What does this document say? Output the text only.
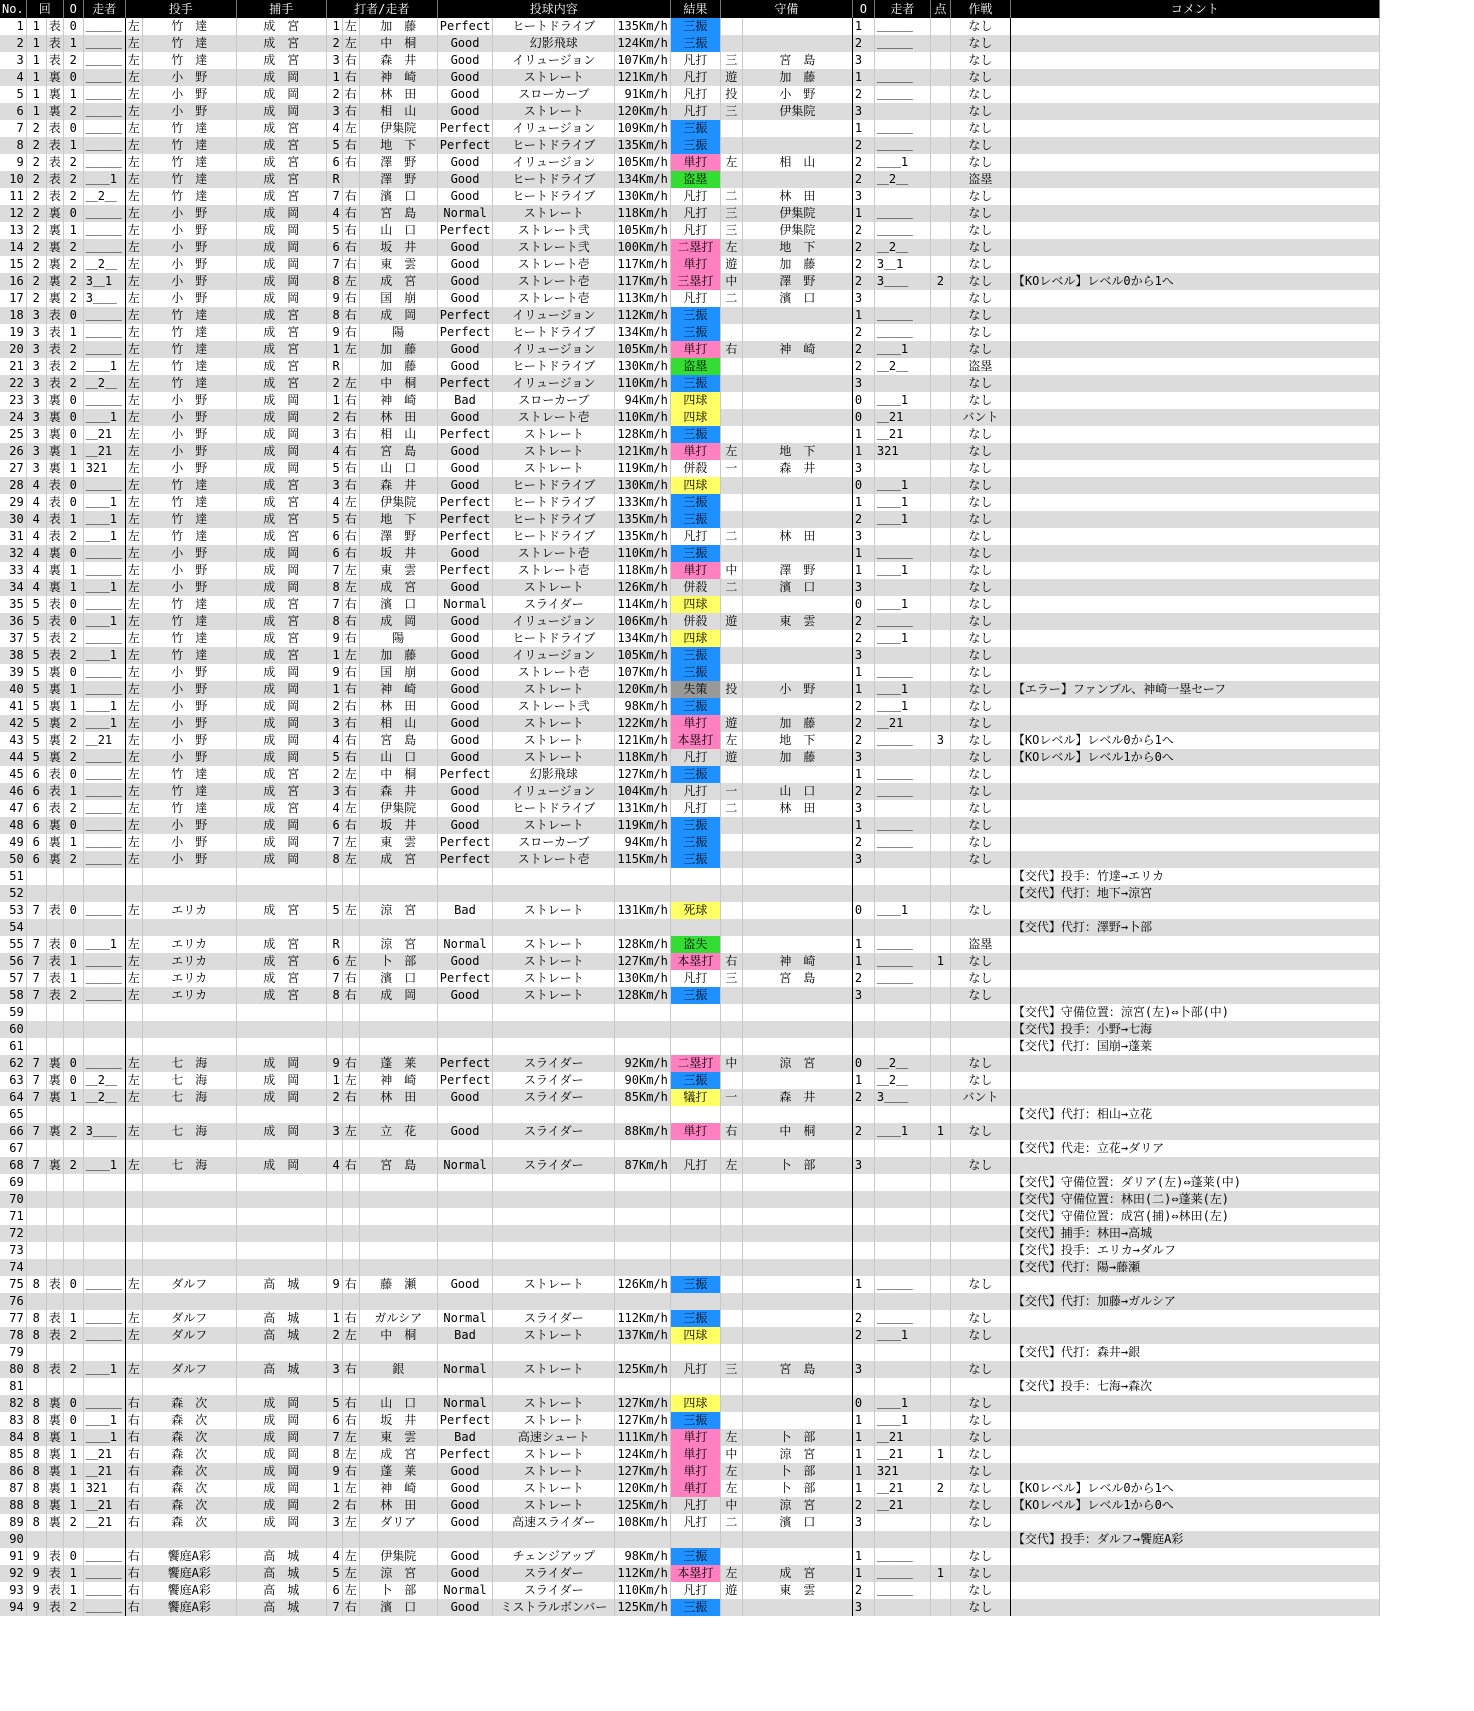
No.	回		O	走者	投手		捕手	打者/走者			投球内容			結果	守備		O	走者	点	作戦	コメント
1	1	表	0	＿＿＿	左	竹　達	成　宮	1	左	加　藤	Perfect	ヒートドライブ	135Km/h	三振			1	＿＿＿		なし	
2	1	表	1	＿＿＿	左	竹　達	成　宮	2	左	中　桐	Good	幻影飛球	124Km/h	三振			2	＿＿＿		なし	
3	1	表	2	＿＿＿	左	竹　達	成　宮	3	右	森　井	Good	イリュージョン	107Km/h	凡打	三	宮　島	3			なし	
4	1	裏	0	＿＿＿	左	小　野	成　岡	1	右	神　崎	Good	ストレート	121Km/h	凡打	遊	加　藤	1	＿＿＿		なし	
5	1	裏	1	＿＿＿	左	小　野	成　岡	2	右	林　田	Good	スローカーブ	91Km/h	凡打	投	小　野	2	＿＿＿		なし	
6	1	裏	2	＿＿＿	左	小　野	成　岡	3	右	相　山	Good	ストレート	120Km/h	凡打	三	伊集院	3			なし	
7	2	表	0	＿＿＿	左	竹　達	成　宮	4	左	伊集院	Perfect	イリュージョン	109Km/h	三振			1	＿＿＿		なし	
8	2	表	1	＿＿＿	左	竹　達	成　宮	5	右	地　下	Perfect	ヒートドライブ	135Km/h	三振			2	＿＿＿		なし	
9	2	表	2	＿＿＿	左	竹　達	成　宮	6	右	澤　野	Good	イリュージョン	105Km/h	単打	左	相　山	2	＿＿1		なし	
10	2	表	2	＿＿1	左	竹　達	成　宮	R		澤　野	Good	ヒートドライブ	134Km/h	盗塁			2	＿2＿		盗塁	
11	2	表	2	＿2＿	左	竹　達	成　宮	7	右	濱　口	Good	ヒートドライブ	130Km/h	凡打	二	林　田	3			なし	
12	2	裏	0	＿＿＿	左	小　野	成　岡	4	右	宮　島	Normal	ストレート	118Km/h	凡打	三	伊集院	1	＿＿＿		なし	
13	2	裏	1	＿＿＿	左	小　野	成　岡	5	右	山　口	Perfect	ストレート弐	105Km/h	凡打	三	伊集院	2	＿＿＿		なし	
14	2	裏	2	＿＿＿	左	小　野	成　岡	6	右	坂　井	Good	ストレート弐	100Km/h	二塁打	左	地　下	2	＿2＿		なし	
15	2	裏	2	＿2＿	左	小　野	成　岡	7	右	東　雲	Good	ストレート壱	117Km/h	単打	遊	加　藤	2	3＿1		なし	
16	2	裏	2	3＿1	左	小　野	成　岡	8	左	成　宮	Good	ストレート壱	117Km/h	三塁打	中	澤　野	2	3＿＿	2	なし	【KOレベル】レベル0から1へ
17	2	裏	2	3＿＿	左	小　野	成　岡	9	右	国　崩	Good	ストレート壱	113Km/h	凡打	二	濱　口	3			なし	
18	3	表	0	＿＿＿	左	竹　達	成　宮	8	右	成　岡	Perfect	イリュージョン	112Km/h	三振			1	＿＿＿		なし	
19	3	表	1	＿＿＿	左	竹　達	成　宮	9	右	陽	Perfect	ヒートドライブ	134Km/h	三振			2	＿＿＿		なし	
20	3	表	2	＿＿＿	左	竹　達	成　宮	1	左	加　藤	Good	イリュージョン	105Km/h	単打	右	神　崎	2	＿＿1		なし	
21	3	表	2	＿＿1	左	竹　達	成　宮	R		加　藤	Good	ヒートドライブ	130Km/h	盗塁			2	＿2＿		盗塁	
22	3	表	2	＿2＿	左	竹　達	成　宮	2	左	中　桐	Perfect	イリュージョン	110Km/h	三振			3			なし	
23	3	裏	0	＿＿＿	左	小　野	成　岡	1	右	神　崎	Bad	スローカーブ	94Km/h	四球			0	＿＿1		なし	
24	3	裏	0	＿＿1	左	小　野	成　岡	2	右	林　田	Good	ストレート壱	110Km/h	四球			0	＿21		バント	
25	3	裏	0	＿21	左	小　野	成　岡	3	右	相　山	Perfect	ストレート	128Km/h	三振			1	＿21		なし	
26	3	裏	1	＿21	左	小　野	成　岡	4	右	宮　島	Good	ストレート	121Km/h	単打	左	地　下	1	321		なし	
27	3	裏	1	321	左	小　野	成　岡	5	右	山　口	Good	ストレート	119Km/h	併殺	一	森　井	3			なし	
28	4	表	0	＿＿＿	左	竹　達	成　宮	3	右	森　井	Good	ヒートドライブ	130Km/h	四球			0	＿＿1		なし	
29	4	表	0	＿＿1	左	竹　達	成　宮	4	左	伊集院	Perfect	ヒートドライブ	133Km/h	三振			1	＿＿1		なし	
30	4	表	1	＿＿1	左	竹　達	成　宮	5	右	地　下	Perfect	ヒートドライブ	135Km/h	三振			2	＿＿1		なし	
31	4	表	2	＿＿1	左	竹　達	成　宮	6	右	澤　野	Perfect	ヒートドライブ	135Km/h	凡打	二	林　田	3			なし	
32	4	裏	0	＿＿＿	左	小　野	成　岡	6	右	坂　井	Good	ストレート壱	110Km/h	三振			1	＿＿＿		なし	
33	4	裏	1	＿＿＿	左	小　野	成　岡	7	左	東　雲	Perfect	ストレート壱	118Km/h	単打	中	澤　野	1	＿＿1		なし	
34	4	裏	1	＿＿1	左	小　野	成　岡	8	左	成　宮	Good	ストレート	126Km/h	併殺	二	濱　口	3			なし	
35	5	表	0	＿＿＿	左	竹　達	成　宮	7	右	濱　口	Normal	スライダー	114Km/h	四球			0	＿＿1		なし	
36	5	表	0	＿＿1	左	竹　達	成　宮	8	右	成　岡	Good	イリュージョン	106Km/h	併殺	遊	東　雲	2	＿＿＿		なし	
37	5	表	2	＿＿＿	左	竹　達	成　宮	9	右	陽	Good	ヒートドライブ	134Km/h	四球			2	＿＿1		なし	
38	5	表	2	＿＿1	左	竹　達	成　宮	1	左	加　藤	Good	イリュージョン	105Km/h	三振			3			なし	
39	5	裏	0	＿＿＿	左	小　野	成　岡	9	右	国　崩	Good	ストレート壱	107Km/h	三振			1	＿＿＿		なし	
40	5	裏	1	＿＿＿	左	小　野	成　岡	1	右	神　崎	Good	ストレート	120Km/h	失策	投	小　野	1	＿＿1		なし	【エラー】ファンブル、神崎一塁セーフ
41	5	裏	1	＿＿1	左	小　野	成　岡	2	右	林　田	Good	ストレート弐	98Km/h	三振			2	＿＿1		なし	
42	5	裏	2	＿＿1	左	小　野	成　岡	3	右	相　山	Good	ストレート	122Km/h	単打	遊	加　藤	2	＿21		なし	
43	5	裏	2	＿21	左	小　野	成　岡	4	右	宮　島	Good	ストレート	121Km/h	本塁打	左	地　下	2	＿＿＿	3	なし	【KOレベル】レベル0から1へ
44	5	裏	2	＿＿＿	左	小　野	成　岡	5	右	山　口	Good	ストレート	118Km/h	凡打	遊	加　藤	3			なし	【KOレベル】レベル1から0へ
45	6	表	0	＿＿＿	左	竹　達	成　宮	2	左	中　桐	Perfect	幻影飛球	127Km/h	三振			1	＿＿＿		なし	
46	6	表	1	＿＿＿	左	竹　達	成　宮	3	右	森　井	Good	イリュージョン	104Km/h	凡打	一	山　口	2	＿＿＿		なし	
47	6	表	2	＿＿＿	左	竹　達	成　宮	4	左	伊集院	Good	ヒートドライブ	131Km/h	凡打	二	林　田	3			なし	
48	6	裏	0	＿＿＿	左	小　野	成　岡	6	右	坂　井	Good	ストレート	119Km/h	三振			1	＿＿＿		なし	
49	6	裏	1	＿＿＿	左	小　野	成　岡	7	左	東　雲	Perfect	スローカーブ	94Km/h	三振			2	＿＿＿		なし	
50	6	裏	2	＿＿＿	左	小　野	成　岡	8	左	成　宮	Perfect	ストレート壱	115Km/h	三振			3			なし	
51																					【交代】投手：竹達→エリカ
52																					【交代】代打：地下→涼宮
53	7	表	0	＿＿＿	左	エリカ	成　宮	5	左	涼　宮	Bad	ストレート	131Km/h	死球			0	＿＿1		なし	
54																					【交代】代打：澤野→卜部
55	7	表	0	＿＿1	左	エリカ	成　宮	R		涼　宮	Normal	ストレート	128Km/h	盗失			1	＿＿＿		盗塁	
56	7	表	1	＿＿＿	左	エリカ	成　宮	6	左	卜　部	Good	ストレート	127Km/h	本塁打	右	神　崎	1	＿＿＿	1	なし	
57	7	表	1	＿＿＿	左	エリカ	成　宮	7	右	濱　口	Perfect	ストレート	130Km/h	凡打	三	宮　島	2	＿＿＿		なし	
58	7	表	2	＿＿＿	左	エリカ	成　宮	8	右	成　岡	Good	ストレート	128Km/h	三振			3			なし	
59																					【交代】守備位置：涼宮(左)⇔卜部(中)
60																					【交代】投手：小野→七海
61																					【交代】代打：国崩→蓬莱
62	7	裏	0	＿＿＿	左	七　海	成　岡	9	右	蓬　莱	Perfect	スライダー	92Km/h	二塁打	中	涼　宮	0	＿2＿		なし	
63	7	裏	0	＿2＿	左	七　海	成　岡	1	左	神　崎	Perfect	スライダー	90Km/h	三振			1	＿2＿		なし	
64	7	裏	1	＿2＿	左	七　海	成　岡	2	右	林　田	Good	スライダー	85Km/h	犠打	一	森　井	2	3＿＿		バント	
65																					【交代】代打：相山→立花
66	7	裏	2	3＿＿	左	七　海	成　岡	3	左	立　花	Good	スライダー	88Km/h	単打	右	中　桐	2	＿＿1	1	なし	
67																					【交代】代走：立花→ダリア
68	7	裏	2	＿＿1	左	七　海	成　岡	4	右	宮　島	Normal	スライダー	87Km/h	凡打	左	卜　部	3			なし	
69																					【交代】守備位置：ダリア(左)⇔蓬莱(中)
70																					【交代】守備位置：林田(二)⇔蓬莱(左)
71																					【交代】守備位置：成宮(捕)⇔林田(左)
72																					【交代】捕手：林田→高城
73																					【交代】投手：エリカ→ダルフ
74																					【交代】代打：陽→藤瀬
75	8	表	0	＿＿＿	左	ダルフ	高　城	9	右	藤　瀬	Good	ストレート	126Km/h	三振			1	＿＿＿		なし	
76																					【交代】代打：加藤→ガルシア
77	8	表	1	＿＿＿	左	ダルフ	高　城	1	右	ガルシア	Normal	スライダー	112Km/h	三振			2	＿＿＿		なし	
78	8	表	2	＿＿＿	左	ダルフ	高　城	2	左	中　桐	Bad	ストレート	137Km/h	四球			2	＿＿1		なし	
79																					【交代】代打：森井→銀
80	8	表	2	＿＿1	左	ダルフ	高　城	3	右	銀	Normal	ストレート	125Km/h	凡打	三	宮　島	3			なし	
81																					【交代】投手：七海→森次
82	8	裏	0	＿＿＿	右	森　次	成　岡	5	右	山　口	Normal	ストレート	127Km/h	四球			0	＿＿1		なし	
83	8	裏	0	＿＿1	右	森　次	成　岡	6	右	坂　井	Perfect	ストレート	127Km/h	三振			1	＿＿1		なし	
84	8	裏	1	＿＿1	右	森　次	成　岡	7	左	東　雲	Bad	高速シュート	111Km/h	単打	左	卜　部	1	＿21		なし	
85	8	裏	1	＿21	右	森　次	成　岡	8	左	成　宮	Perfect	ストレート	124Km/h	単打	中	涼　宮	1	＿21	1	なし	
86	8	裏	1	＿21	右	森　次	成　岡	9	右	蓬　莱	Good	ストレート	127Km/h	単打	左	卜　部	1	321		なし	
87	8	裏	1	321	右	森　次	成　岡	1	左	神　崎	Good	ストレート	120Km/h	単打	左	卜　部	1	＿21	2	なし	【KOレベル】レベル0から1へ
88	8	裏	1	＿21	右	森　次	成　岡	2	右	林　田	Good	ストレート	125Km/h	凡打	中	涼　宮	2	＿21		なし	【KOレベル】レベル1から0へ
89	8	裏	2	＿21	右	森　次	成　岡	3	左	ダリア	Good	高速スライダー	108Km/h	凡打	二	濱　口	3			なし	
90																					【交代】投手：ダルフ→饗庭A彩
91	9	表	0	＿＿＿	右	饗庭A彩	高　城	4	左	伊集院	Good	チェンジアップ	98Km/h	三振			1	＿＿＿		なし	
92	9	表	1	＿＿＿	右	饗庭A彩	高　城	5	左	涼　宮	Good	スライダー	112Km/h	本塁打	左	成　宮	1	＿＿＿	1	なし	
93	9	表	1	＿＿＿	右	饗庭A彩	高　城	6	左	卜　部	Normal	スライダー	110Km/h	凡打	遊	東　雲	2	＿＿＿		なし	
94	9	表	2	＿＿＿	右	饗庭A彩	高　城	7	右	濱　口	Good	ミストラルボンバー	125Km/h	三振			3			なし	
